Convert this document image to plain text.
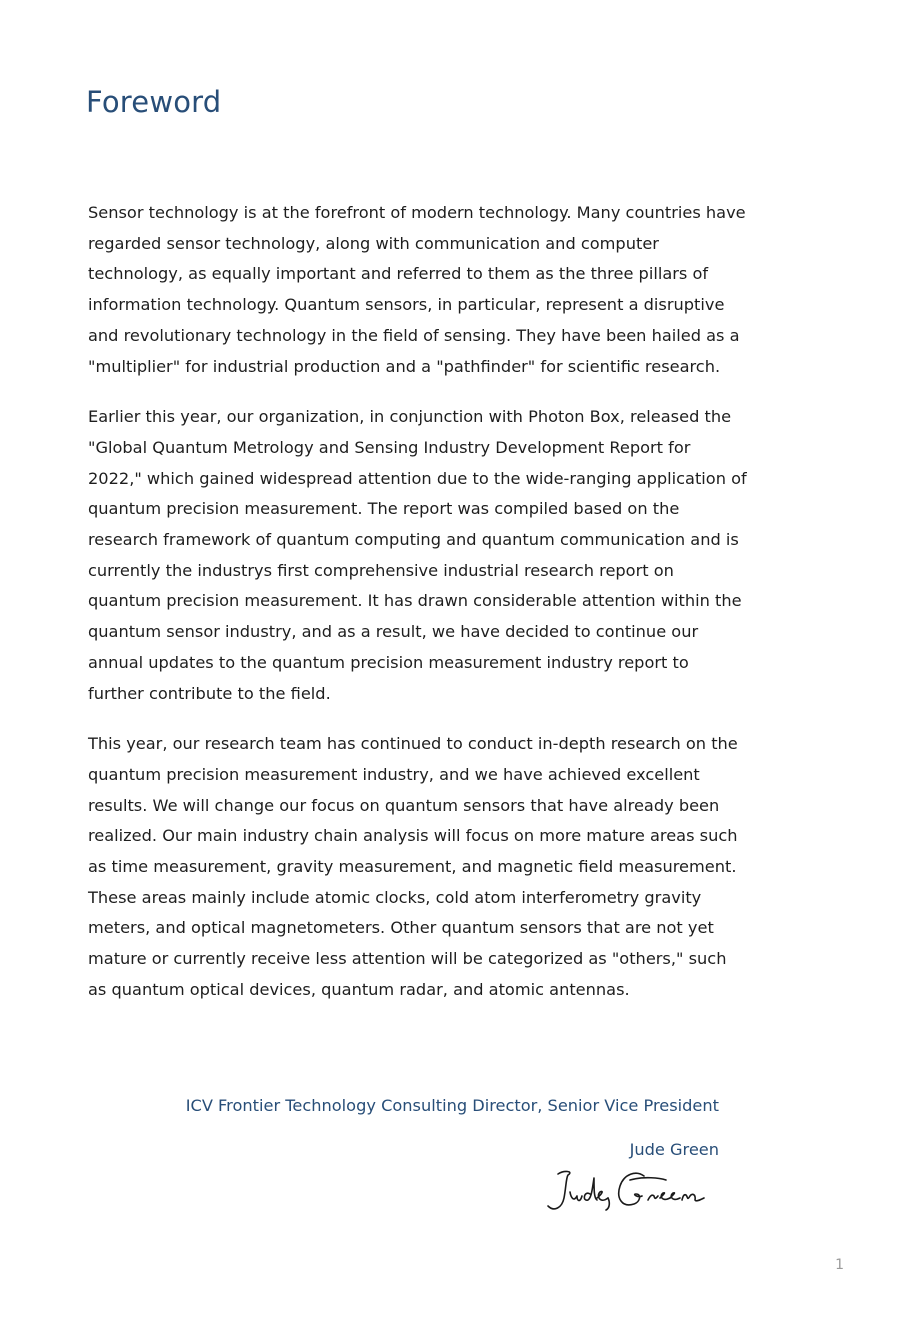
Foreword

Sensor technology is at the forefront of modern technology. Many countries have regarded sensor technology, along with communication and computer technology, as equally important and referred to them as the three pillars of information technology. Quantum sensors, in particular, represent a disruptive and revolutionary technology in the field of sensing. They have been hailed as a "multiplier" for industrial production and a "pathfinder" for scientific research.

Earlier this year, our organization, in conjunction with Photon Box, released the "Global Quantum Metrology and Sensing Industry Development Report for 2022," which gained widespread attention due to the wide-ranging application of quantum precision measurement. The report was compiled based on the research framework of quantum computing and quantum communication and is currently the industrys first comprehensive industrial research report on quantum precision measurement. It has drawn considerable attention within the quantum sensor industry, and as a result, we have decided to continue our annual updates to the quantum precision measurement industry report to further contribute to the field.

This year, our research team has continued to conduct in-depth research on the quantum precision measurement industry, and we have achieved excellent results. We will change our focus on quantum sensors that have already been realized. Our main industry chain analysis will focus on more mature areas such as time measurement, gravity measurement, and magnetic field measurement. These areas mainly include atomic clocks, cold atom interferometry gravity meters, and optical magnetometers. Other quantum sensors that are not yet mature or currently receive less attention will be categorized as "others," such as quantum optical devices, quantum radar, and atomic antennas.

ICV Frontier Technology Consulting Director, Senior Vice President
Jude Green
1
